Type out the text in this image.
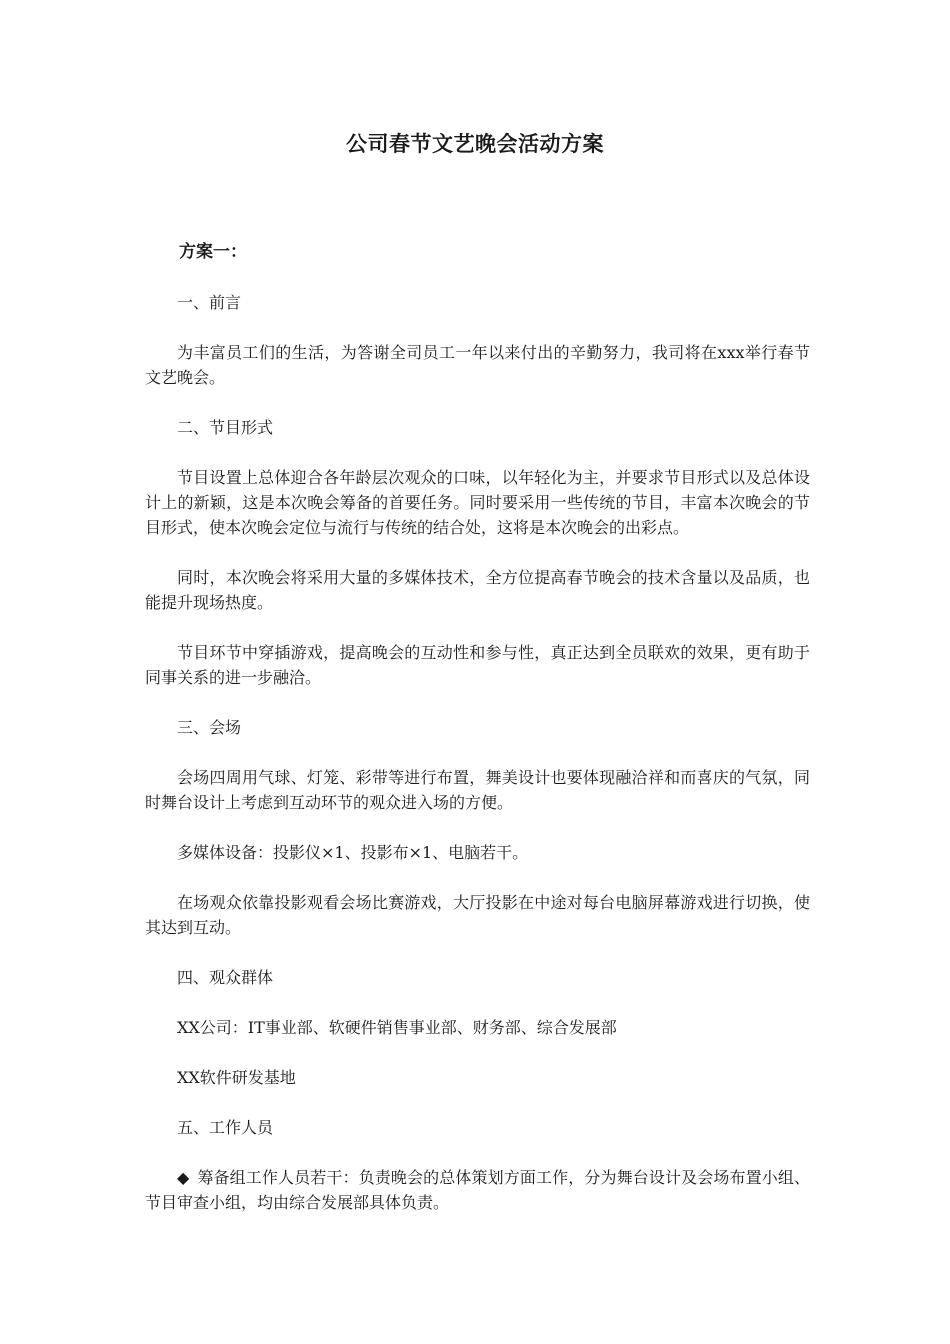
公司春节文艺晚会活动方案

方案一：

一、前言

为丰富员工们的生活，为答谢全司员工一年以来付出的辛勤努力，我司将在xxx举行春节文艺晚会。

二、节目形式

节目设置上总体迎合各年龄层次观众的口味，以年轻化为主，并要求节目形式以及总体设计上的新颖，这是本次晚会筹备的首要任务。同时要采用一些传统的节目，丰富本次晚会的节目形式，使本次晚会定位与流行与传统的结合处，这将是本次晚会的出彩点。

同时，本次晚会将采用大量的多媒体技术，全方位提高春节晚会的技术含量以及品质，也能提升现场热度。

节目环节中穿插游戏，提高晚会的互动性和参与性，真正达到全员联欢的效果，更有助于同事关系的进一步融洽。

三、会场

会场四周用气球、灯笼、彩带等进行布置，舞美设计也要体现融洽祥和而喜庆的气氛，同时舞台设计上考虑到互动环节的观众进入场的方便。

多媒体设备：投影仪×1、投影布×1、电脑若干。

在场观众依靠投影观看会场比赛游戏，大厅投影在中途对每台电脑屏幕游戏进行切换，使其达到互动。

四、观众群体

XX公司：IT事业部、软硬件销售事业部、财务部、综合发展部

XX软件研发基地

五、工作人员

◆ 筹备组工作人员若干：负责晚会的总体策划方面工作，分为舞台设计及会场布置小组、节目审查小组，均由综合发展部具体负责。
